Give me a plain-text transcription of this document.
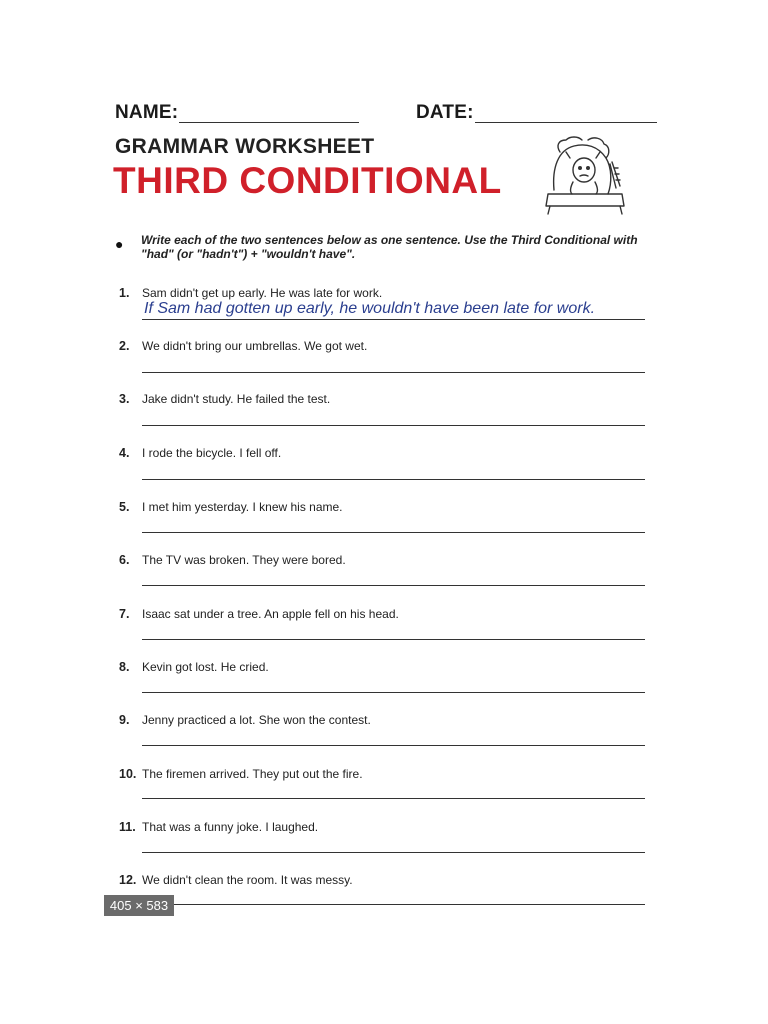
NAME:	DATE:
GRAMMAR WORKSHEET
THIRD CONDITIONAL
● Write each of the two sentences below as one sentence. Use the Third Conditional with "had" (or "hadn't") + "wouldn't have".
1. Sam didn't get up early. He was late for work.
If Sam had gotten up early, he wouldn't have been late for work.
2. We didn't bring our umbrellas. We got wet.
3. Jake didn't study. He failed the test.
4. I rode the bicycle. I fell off.
5. I met him yesterday. I knew his name.
6. The TV was broken. They were bored.
7. Isaac sat under a tree. An apple fell on his head.
8. Kevin got lost. He cried.
9. Jenny practiced a lot. She won the contest.
10. The firemen arrived. They put out the fire.
11. That was a funny joke. I laughed.
12. We didn't clean the room. It was messy.
405 × 583
